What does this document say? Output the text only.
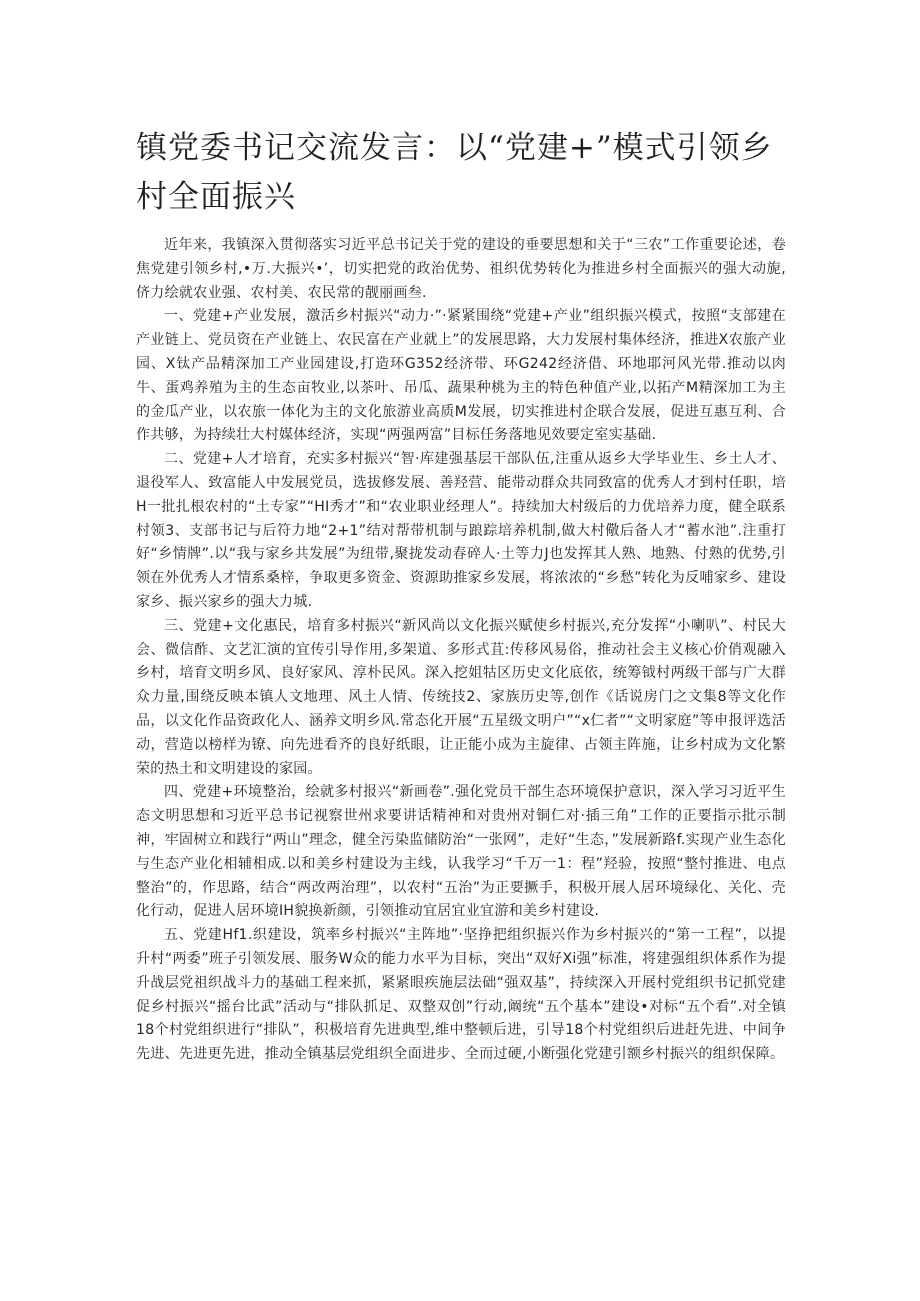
镇党委书记交流发言：以“党建+”模式引领乡村全面振兴

近年来，我镇深入贯彻落实习近平总书记关于党的建设的垂要思想和关于“三农”工作重要论述，卷焦党建引领乡村,•万.大振兴•’，切实把党的政治优势、祖织优势转化为推进乡村全面振兴的强大动旎,侪力绘就农业强、农村美、农民常的靓丽画叁.

一、党建+产业发展，激活乡村振兴“动力·”·紧紧围绕“党建+产业”组织振兴模式，按照“支部建在产业链上、党员资在产业链上、农民富在产业就上”的发展思路，大力发展村集体经济，推进X农旅产业园、X钛产品精深加工产业园建设,打造环G352经济带、环G242经济借、环地耶河风光带.推动以肉牛、蛋鸡养殖为主的生态亩牧业,以茶叶、吊瓜、蔬果种桃为主的特色种值产业,以拓产M精深加工为主的金瓜产业，以农旅一体化为主的文化旅游业高质M发展，切实推进村企联合发展，促进互惠互利、合作共够，为持续壮大村媒体经济，实现“两强两富”目标任务落地见效要定室实基础.

二、党建+人才培育，充实多村振兴“智·库建强基层干部队伍,注重从返乡大学毕业生、乡土人才、退役军人、致富能人中发展党员，选拔修发展、善羟营、能带动群众共同致富的优秀人才到村任职，培H一批扎根农村的“土专家”“HI秀才”和“农业职业经理人”。持续加大村级后的力优培养力度，健全联系村领3、支部书记与后符力地“2+1”结对帮带机制与踉踪培养机制,做大村儆后备人才“蓄水池”.注重打好“乡情牌”.以“我与家乡共发展”为纽带,聚拢发动春碎人·土等力J也发挥其人熟、地熟、付熟的优势,引领在外优秀人才情系桑梓，争取更多资金、资源助推家乡发展，将浓浓的“乡愁”转化为反哺家乡、建设家乡、振兴家乡的强大力城.

三、党建+文化惠民，培育多村振兴“新风尚以文化振兴赋使乡村振兴,充分发挥“小喇叭”、村民大会、微信酢、文艺汇演的宜传引导作用,多架道、多形式苴:传移风易俗，推动社会主义核心价俏观融入乡村，培育文明乡风、良好家风、淳朴民风。深入挖姐牯区历史文化底依，统筹钺村两级干部与广大群众力量,围绕反映本镇人文地理、风土人情、传统技2、家族历史等,创作《话说房门之文集8等文化作品，以文化作品资政化人、涵养文明乡风.常态化开展“五星级文明户”“x仁者”“文明家庭”等申报评选活动，营造以榜样为镣、向先进看齐的良好纸眼，让正能小成为主旋律、占领主阵施，让乡村成为文化繁荣的热土和文明建设的家园。

四、党建+环境整治，绘就多村报兴“新画卷”.强化党员干部生态环境保护意识，深入学习习近平生态文明思想和习近平总书记视察世州求要讲话精神和对贵州对铜仁对·插三角”工作的正要指示批示制神，牢固树立和践行“两山”理念，健全污染监储防治“一张网”，走好“生态，”发展新路f.实现产业生态化与生态产业化相辅相成.以和美乡村建设为主线，认我学习“千万一1：程”羟验，按照“整忖推进、电点整治”的，作思路，结合“两改两治理”，以农村“五治”为正要撅手，积极开展人居环境绿化、关化、壳化行动，促进人居环境IH貌换新颜，引领推动宜居宜业宜游和美乡村建设.

五、党建Hf1.织建设，筑率乡村振兴“主阵地”·坚挣把组织振兴作为乡村振兴的“第一工程”，以提升村“两委”班子引领发展、服务W众的能力水平为目标，突出“双好Xi强”标准，将建强组织体系作为提升战层党祖织战斗力的基础工程来抓，紧紧眼疾施层法础“强双基”，持续深入开展村党组织书记抓党建促乡村振兴“摇台比武”活动与“排队抓足、双整双创”行动,阚统“五个基本”建设•对标“五个看”.对全镇18个村党组织进行“排队”，积极培育先进典型,维中整顿后进，引导18个村党组织后进赶先进、中间争先进、先进更先进，推动全镇基层党组织全面进步、全而过硬,小断强化党建引额乡村振兴的组织保障。
